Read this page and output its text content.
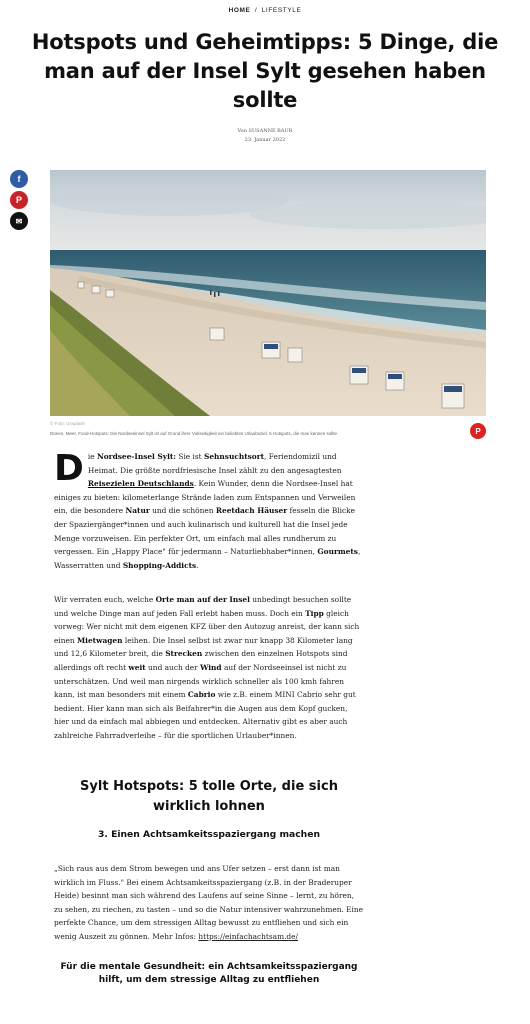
HOME / LIFESTYLE
Hotspots und Geheimtipps: 5 Dinge, die man auf der Insel Sylt gesehen haben sollte
Von SUSANNE BAUR
23. Januar 2022
f
P
✉
© Foto: Unsplash
Dünen, Meer, Food-Hotspots: Die Nordseeinsel Sylt ist auf Grund ihrer Vielseitigkeit ein beliebtes Urlaubsziel. 5 Hotspots, die man kennen sollte	P
D ie Nordsee-Insel Sylt: Sie ist Sehnsuchtsort, Feriendomizil und Heimat. Die größte nordfriesische Insel zählt zu den angesagtesten Reisezielen Deutschlands. Kein Wunder, denn die Nordsee-Insel hat einiges zu bieten: kilometerlange Strände laden zum Entspannen und Verweilen ein, die besondere Natur und die schönen Reetdach Häuser fesseln die Blicke der Spaziergänger*innen und auch kulinarisch und kulturell hat die Insel jede Menge vorzuweisen. Ein perfekter Ort, um einfach mal alles rundherum zu vergessen. Ein „Happy Place" für jedermann – Naturliebhaber*innen, Gourmets, Wasserratten und Shopping-Addicts.
Wir verraten euch, welche Orte man auf der Insel unbedingt besuchen sollte und welche Dinge man auf jeden Fall erlebt haben muss. Doch ein Tipp gleich vorweg: Wer nicht mit dem eigenen KFZ über den Autozug anreist, der kann sich einen Mietwagen leihen. Die Insel selbst ist zwar nur knapp 38 Kilometer lang und 12,6 Kilometer breit, die Strecken zwischen den einzelnen Hotspots sind allerdings oft recht weit und auch der Wind auf der Nordseeinsel ist nicht zu unterschätzen. Und weil man nirgends wirklich schneller als 100 kmh fahren kann, ist man besonders mit einem Cabrio wie z.B. einem MINI Cabrio sehr gut bedient. Hier kann man sich als Beifahrer*in die Augen aus dem Kopf gucken, hier und da einfach mal abbiegen und entdecken. Alternativ gibt es aber auch zahlreiche Fahrradverleihe – für die sportlichen Urlauber*innen.
Sylt Hotspots: 5 tolle Orte, die sich wirklich lohnen
3. Einen Achtsamkeitsspaziergang machen
„Sich raus aus dem Strom bewegen und ans Ufer setzen – erst dann ist man wirklich im Fluss." Bei einem Achtsamkeitsspaziergang (z.B. in der Braderuper Heide) besinnt man sich während des Laufens auf seine Sinne – lernt, zu hören, zu sehen, zu riechen, zu tasten – und so die Natur intensiver wahrzunehmen. Eine perfekte Chance, um dem stressigen Alltag bewusst zu entfliehen und sich ein wenig Auszeit zu gönnen. Mehr Infos: https://einfachachtsam.de/
Für die mentale Gesundheit: ein Achtsamkeitsspaziergang hilft, um dem stressige Alltag zu entfliehen
